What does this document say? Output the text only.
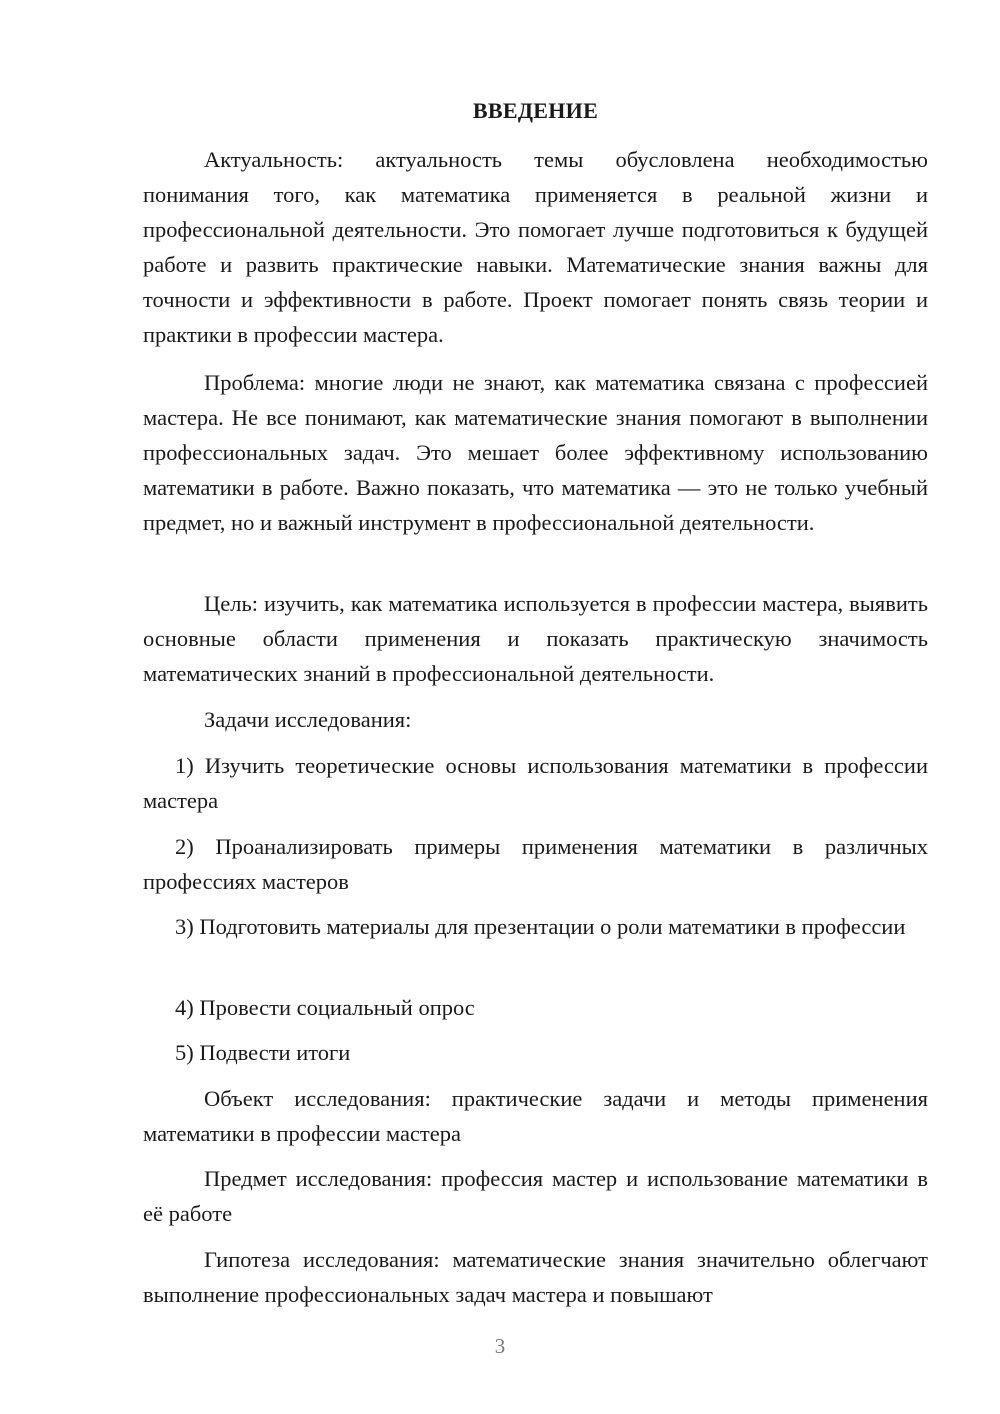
ВВЕДЕНИЕ

Актуальность: актуальность темы обусловлена необходимостью понимания того, как математика применяется в реальной жизни и профессиональной деятельности. Это помогает лучше подготовиться к будущей работе и развить практические навыки. Математические знания важны для точности и эффективности в работе. Проект помогает понять связь теории и практики в профессии мастера.

Проблема: многие люди не знают, как математика связана с профессией мастера. Не все понимают, как математические знания помогают в выполнении профессиональных задач. Это мешает более эффективному использованию математики в работе. Важно показать, что математика — это не только учебный предмет, но и важный инструмент в профессиональной деятельности.

Цель: изучить, как математика используется в профессии мастера, выявить основные области применения и показать практическую значимость математических знаний в профессиональной деятельности.

Задачи исследования:

1) Изучить теоретические основы использования математики в профессии мастера

2) Проанализировать примеры применения математики в различных профессиях мастеров

3) Подготовить материалы для презентации о роли математики в профессии

4) Провести социальный опрос

5) Подвести итоги

Объект исследования: практические задачи и методы применения математики в профессии мастера

Предмет исследования: профессия мастер и использование математики в её работе

Гипотеза исследования: математические знания значительно облегчают выполнение профессиональных задач мастера и повышают

3
